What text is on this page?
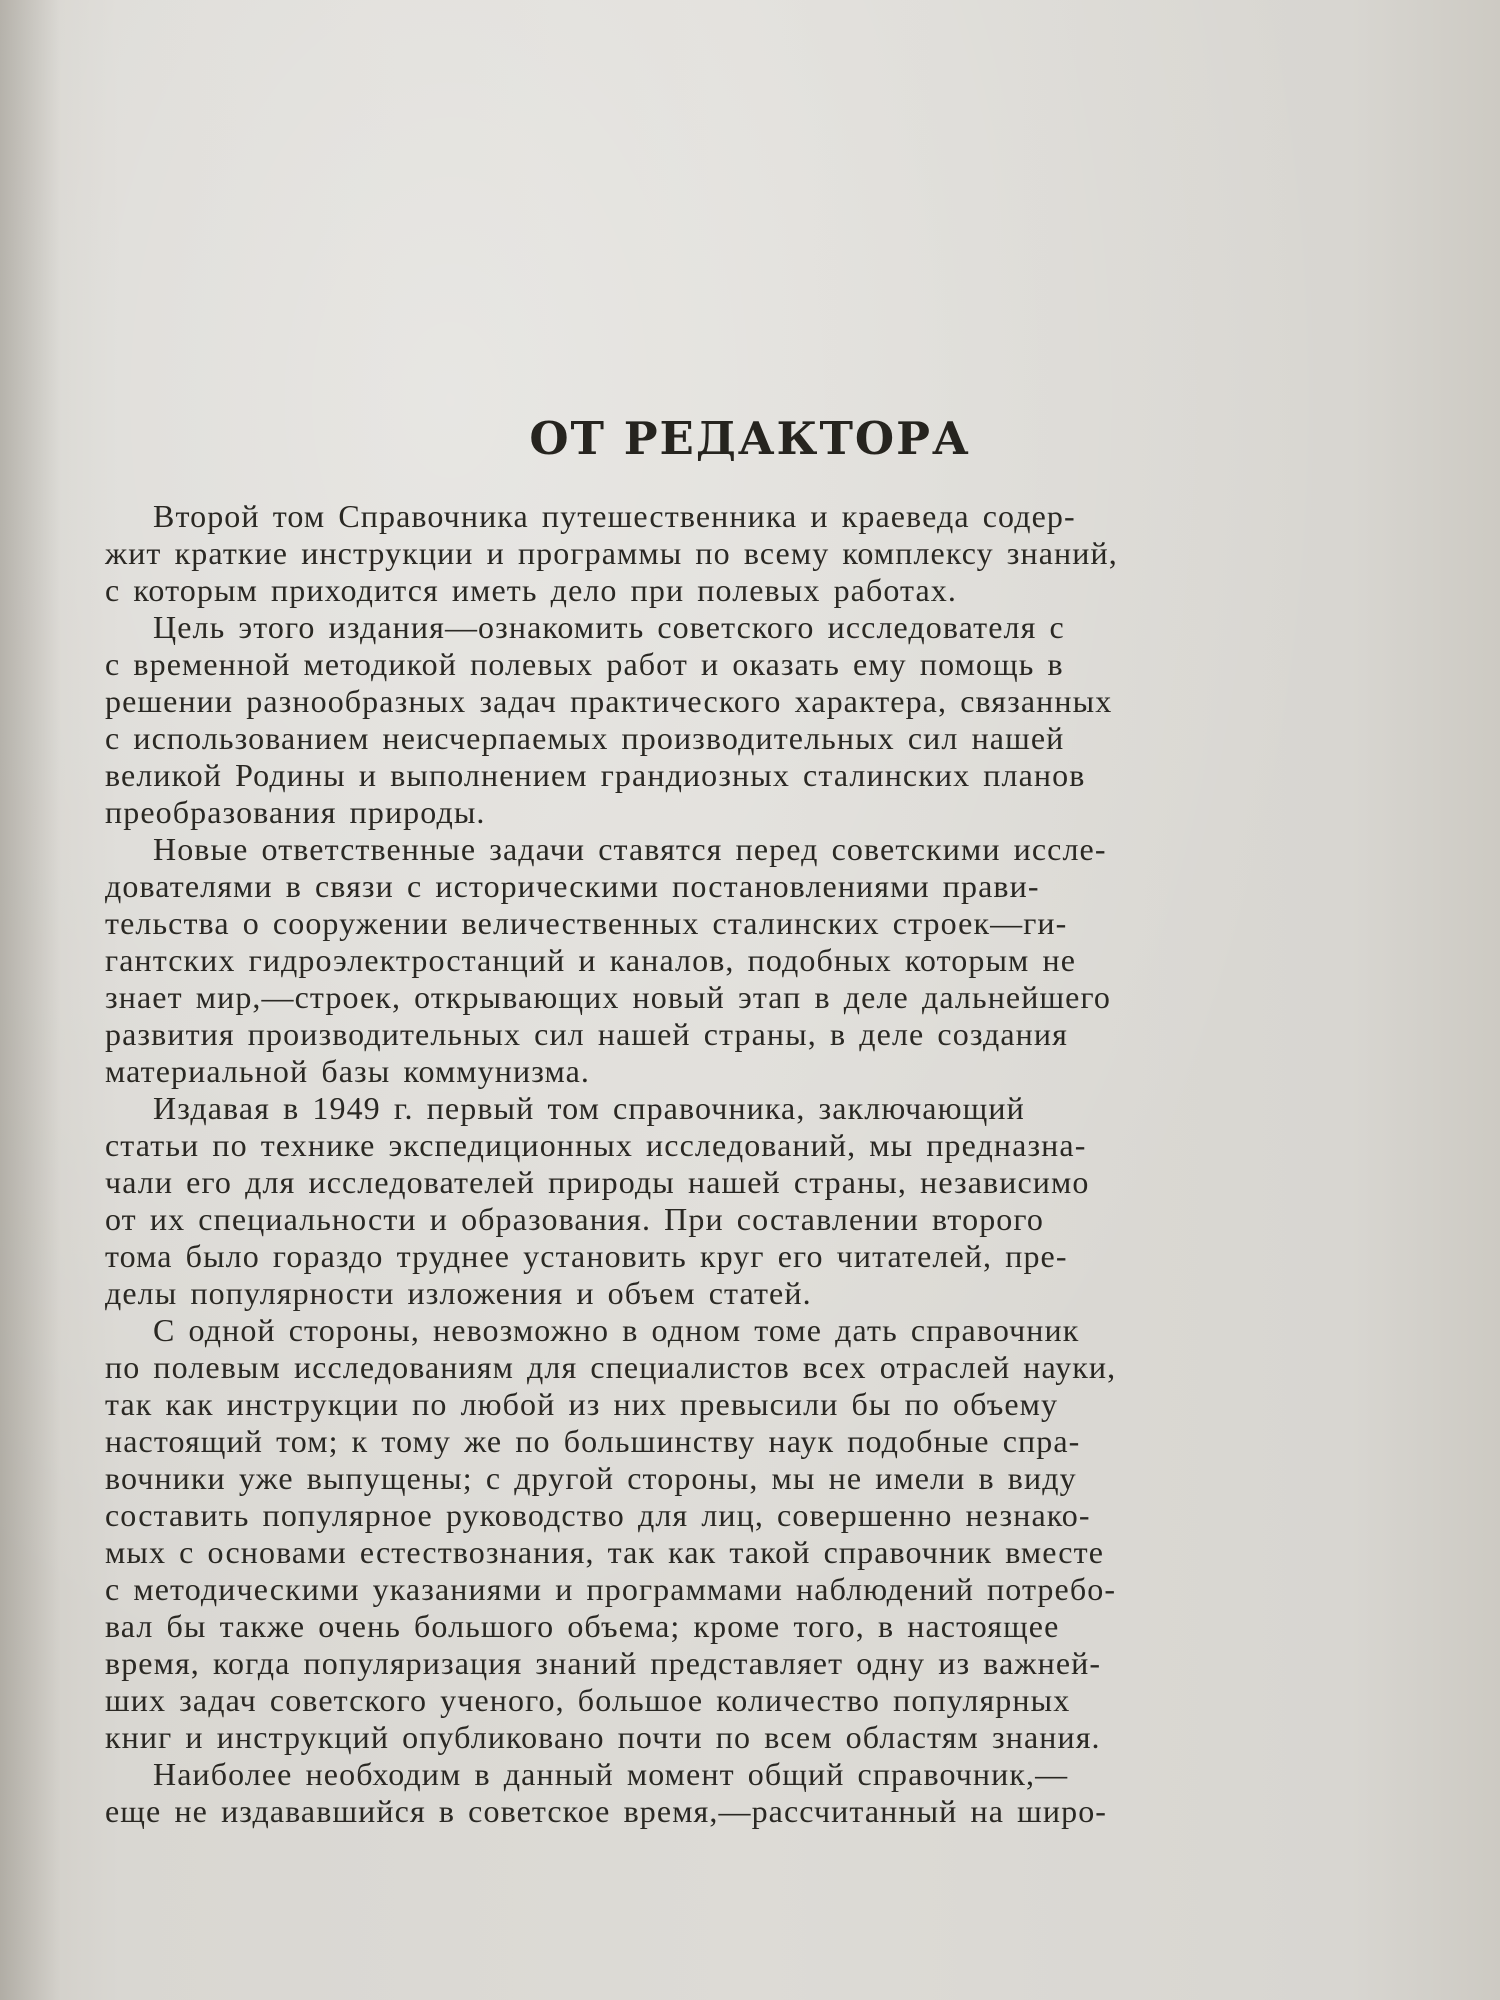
ОТ РЕДАКТОРА
Второй том Справочника путешественника и краеведа содер-
жит краткие инструкции и программы по всему комплексу знаний,
с которым приходится иметь дело при полевых работах.
Цель этого издания—ознакомить советского исследователя с
с временной методикой полевых работ и оказать ему помощь в
решении разнообразных задач практического характера, связанных
с использованием неисчерпаемых производительных сил нашей
великой Родины и выполнением грандиозных сталинских планов
преобразования природы.
Новые ответственные задачи ставятся перед советскими иссле-
дователями в связи с историческими постановлениями прави-
тельства о сооружении величественных сталинских строек—ги-
гантских гидроэлектростанций и каналов, подобных которым не
знает мир,—строек, открывающих новый этап в деле дальнейшего
развития производительных сил нашей страны, в деле создания
материальной базы коммунизма.
Издавая в 1949 г. первый том справочника, заключающий
статьи по технике экспедиционных исследований, мы предназна-
чали его для исследователей природы нашей страны, независимо
от их специальности и образования. При составлении второго
тома было гораздо труднее установить круг его читателей, пре-
делы популярности изложения и объем статей.
С одной стороны, невозможно в одном томе дать справочник
по полевым исследованиям для специалистов всех отраслей науки,
так как инструкции по любой из них превысили бы по объему
настоящий том; к тому же по большинству наук подобные спра-
вочники уже выпущены; с другой стороны, мы не имели в виду
составить популярное руководство для лиц, совершенно незнако-
мых с основами естествознания, так как такой справочник вместе
с методическими указаниями и программами наблюдений потребо-
вал бы также очень большого объема; кроме того, в настоящее
время, когда популяризация знаний представляет одну из важней-
ших задач советского ученого, большое количество популярных
книг и инструкций опубликовано почти по всем областям знания.
Наиболее необходим в данный момент общий справочник,—
еще не издававшийся в советское время,—рассчитанный на широ-
